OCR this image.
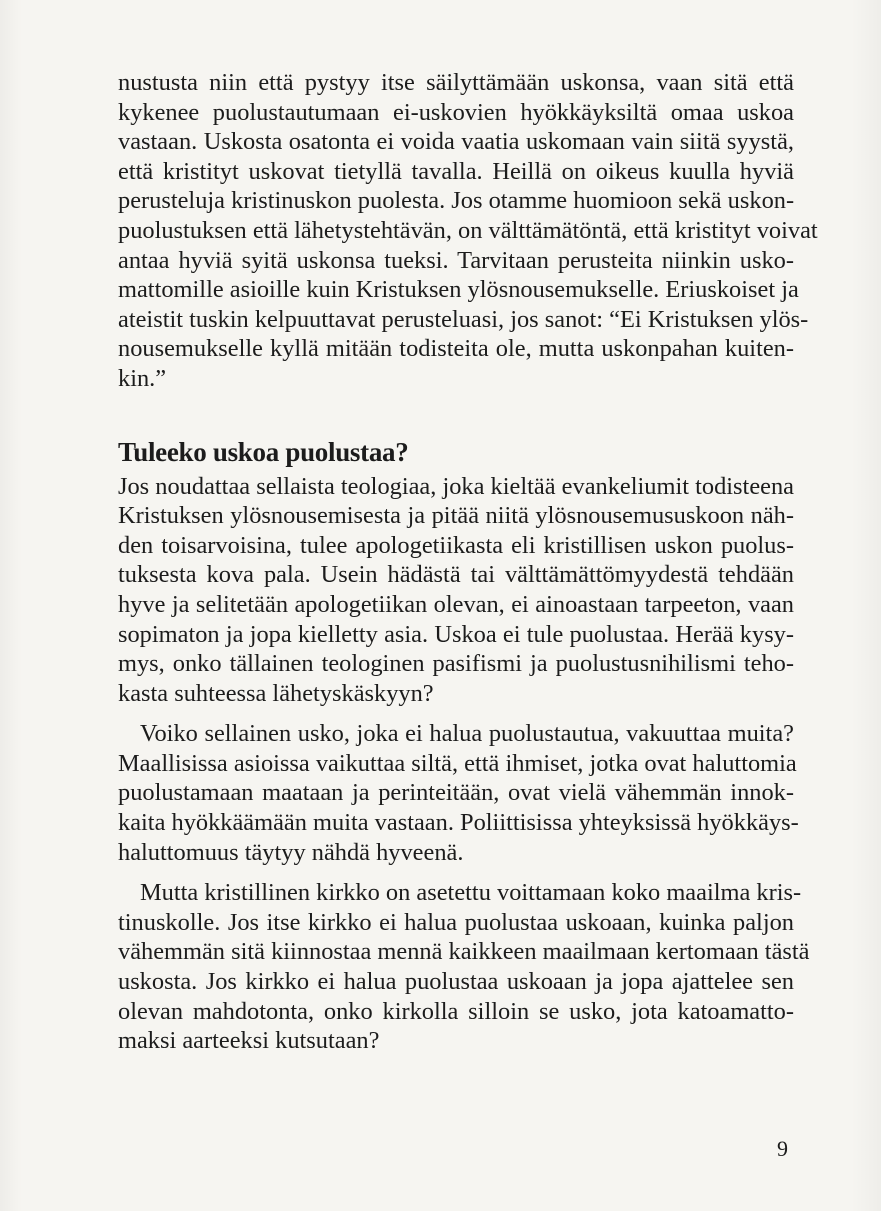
nustusta niin että pystyy itse säilyttämään uskonsa, vaan sitä että
kykenee puolustautumaan ei-uskovien hyökkäyksiltä omaa uskoa
vastaan. Uskosta osatonta ei voida vaatia uskomaan vain siitä syystä,
että kristityt uskovat tietyllä tavalla. Heillä on oikeus kuulla hyviä
perusteluja kristinuskon puolesta. Jos otamme huomioon sekä uskon-
puolustuksen että lähetystehtävän, on välttämätöntä, että kristityt voivat
antaa hyviä syitä uskonsa tueksi. Tarvitaan perusteita niinkin usko-
mattomille asioille kuin Kristuksen ylösnousemukselle. Eriuskoiset ja
ateistit tuskin kelpuuttavat perusteluasi, jos sanot: “Ei Kristuksen ylös-
nousemukselle kyllä mitään todisteita ole, mutta uskonpahan kuiten-
kin.”
Tuleeko uskoa puolustaa?
Jos noudattaa sellaista teologiaa, joka kieltää evankeliumit todisteena
Kristuksen ylösnousemisesta ja pitää niitä ylösnousemususkoon näh-
den toisarvoisina, tulee apologetiikasta eli kristillisen uskon puolus-
tuksesta kova pala. Usein hädästä tai välttämättömyydestä tehdään
hyve ja selitetään apologetiikan olevan, ei ainoastaan tarpeeton, vaan
sopimaton ja jopa kielletty asia. Uskoa ei tule puolustaa. Herää kysy-
mys, onko tällainen teologinen pasifismi ja puolustusnihilismi teho-
kasta suhteessa lähetyskäskyyn?
Voiko sellainen usko, joka ei halua puolustautua, vakuuttaa muita?
Maallisissa asioissa vaikuttaa siltä, että ihmiset, jotka ovat haluttomia
puolustamaan maataan ja perinteitään, ovat vielä vähemmän innok-
kaita hyökkäämään muita vastaan. Poliittisissa yhteyksissä hyökkäys-
haluttomuus täytyy nähdä hyveenä.
Mutta kristillinen kirkko on asetettu voittamaan koko maailma kris-
tinuskolle. Jos itse kirkko ei halua puolustaa uskoaan, kuinka paljon
vähemmän sitä kiinnostaa mennä kaikkeen maailmaan kertomaan tästä
uskosta. Jos kirkko ei halua puolustaa uskoaan ja jopa ajattelee sen
olevan mahdotonta, onko kirkolla silloin se usko, jota katoamatto-
maksi aarteeksi kutsutaan?
9
